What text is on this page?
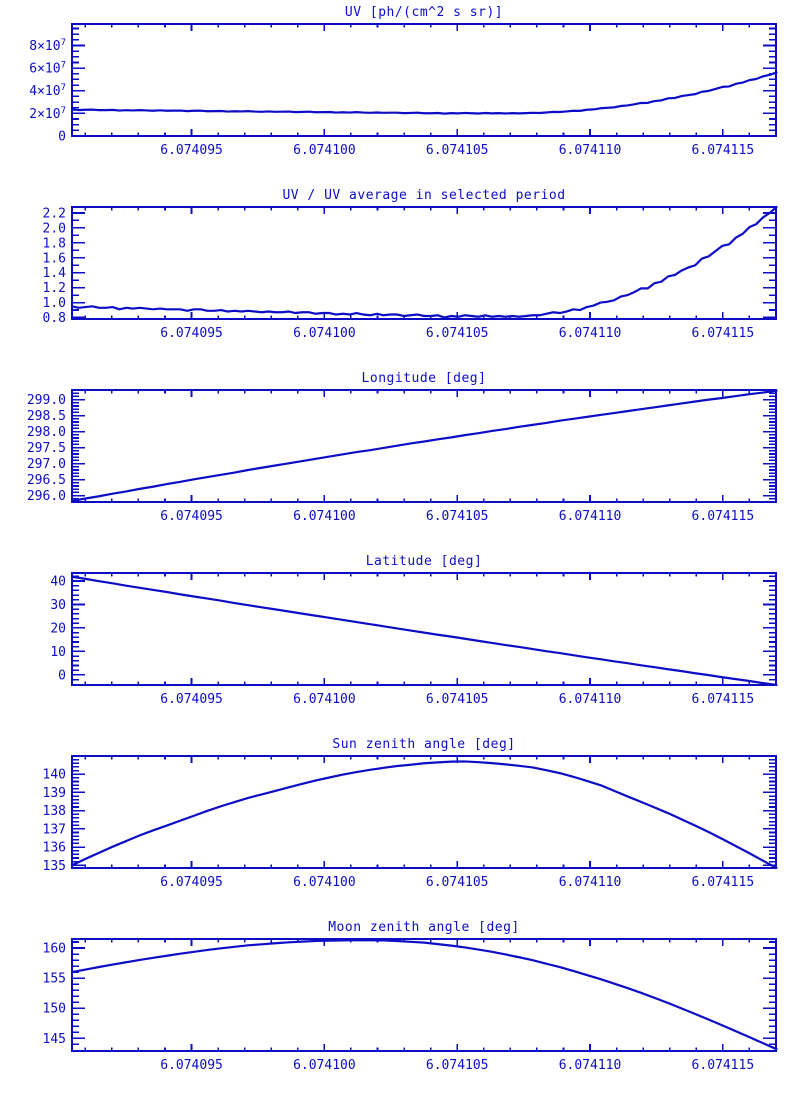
UV [ph/(cm^2 s sr)]
6.074095	6.074100	6.074105	6.074110	6.074115
0
$2\times 10^7$
$4\times 10^7$
$6\times 10^7$
$8\times 10^7$
UV / UV average in selected period
6.074095	6.074100	6.074105	6.074110	6.074115
0.8
1.0
1.2
1.4
1.6
1.8
2.0
2.2
Longitude [deg]
6.074095	6.074100	6.074105	6.074110	6.074115
296.0
296.5
297.0
297.5
298.0
298.5
299.0
Latitude [deg]
6.074095	6.074100	6.074105	6.074110	6.074115
0
10
20
30
40
Sun zenith angle [deg]
6.074095	6.074100	6.074105	6.074110	6.074115
135
136
137
138
139
140
Moon zenith angle [deg]
6.074095	6.074100	6.074105	6.074110	6.074115
145
150
155
160
